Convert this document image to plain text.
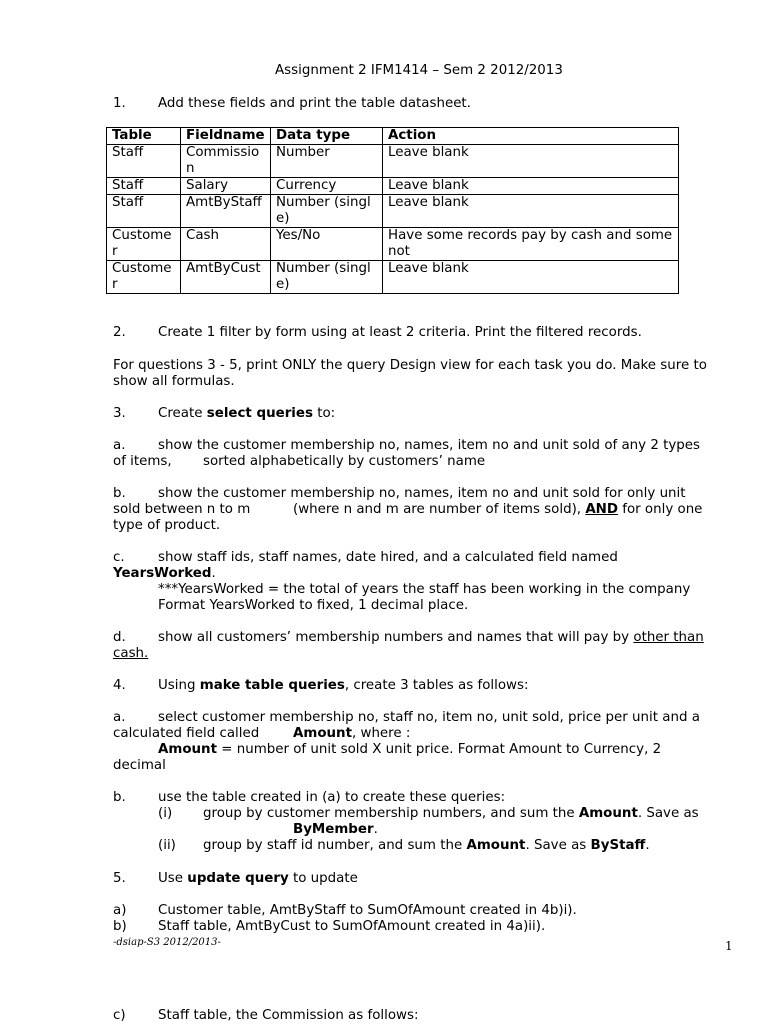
Assignment 2 IFM1414 – Sem 2 2012/2013
1. Add these fields and print the table datasheet.
Table	Fieldname	Data type	Action
Staff	Commission	Number	Leave blank
Staff	Salary	Currency	Leave blank
Staff	AmtByStaff	Number (single)	Leave blank
Customer	Cash	Yes/No	Have some records pay by cash and some not
Customer	AmtByCust	Number (single)	Leave blank
2. Create 1 filter by form using at least 2 criteria. Print the filtered records.
For questions 3 - 5, print ONLY the query Design view for each task you do. Make sure to
show all formulas.
3. Create select queries to:
a. show the customer membership no, names, item no and unit sold of any 2 types
of items, sorted alphabetically by customers’ name
b. show the customer membership no, names, item no and unit sold for only unit
sold between n to m	(where n and m are number of items sold), AND for only one
type of product.
c. show staff ids, staff names, date hired, and a calculated field named
YearsWorked.
***YearsWorked = the total of years the staff has been working in the company
Format YearsWorked to fixed, 1 decimal place.
d. show all customers’ membership numbers and names that will pay by other than
cash.
4. Using make table queries, create 3 tables as follows:
a. select customer membership no, staff no, item no, unit sold, price per unit and a
calculated field called	Amount, where :
Amount = number of unit sold X unit price. Format Amount to Currency, 2
decimal
b. use the table created in (a) to create these queries:
(i) group by customer membership numbers, and sum the Amount. Save as
ByMember.
(ii) group by staff id number, and sum the Amount. Save as ByStaff.
5. Use update query to update
a) Customer table, AmtByStaff to SumOfAmount created in 4b)i).
b) Staff table, AmtByCust to SumOfAmount created in 4a)ii).
-dsiap-S3 2012/2013-	1
c) Staff table, the Commission as follows:
